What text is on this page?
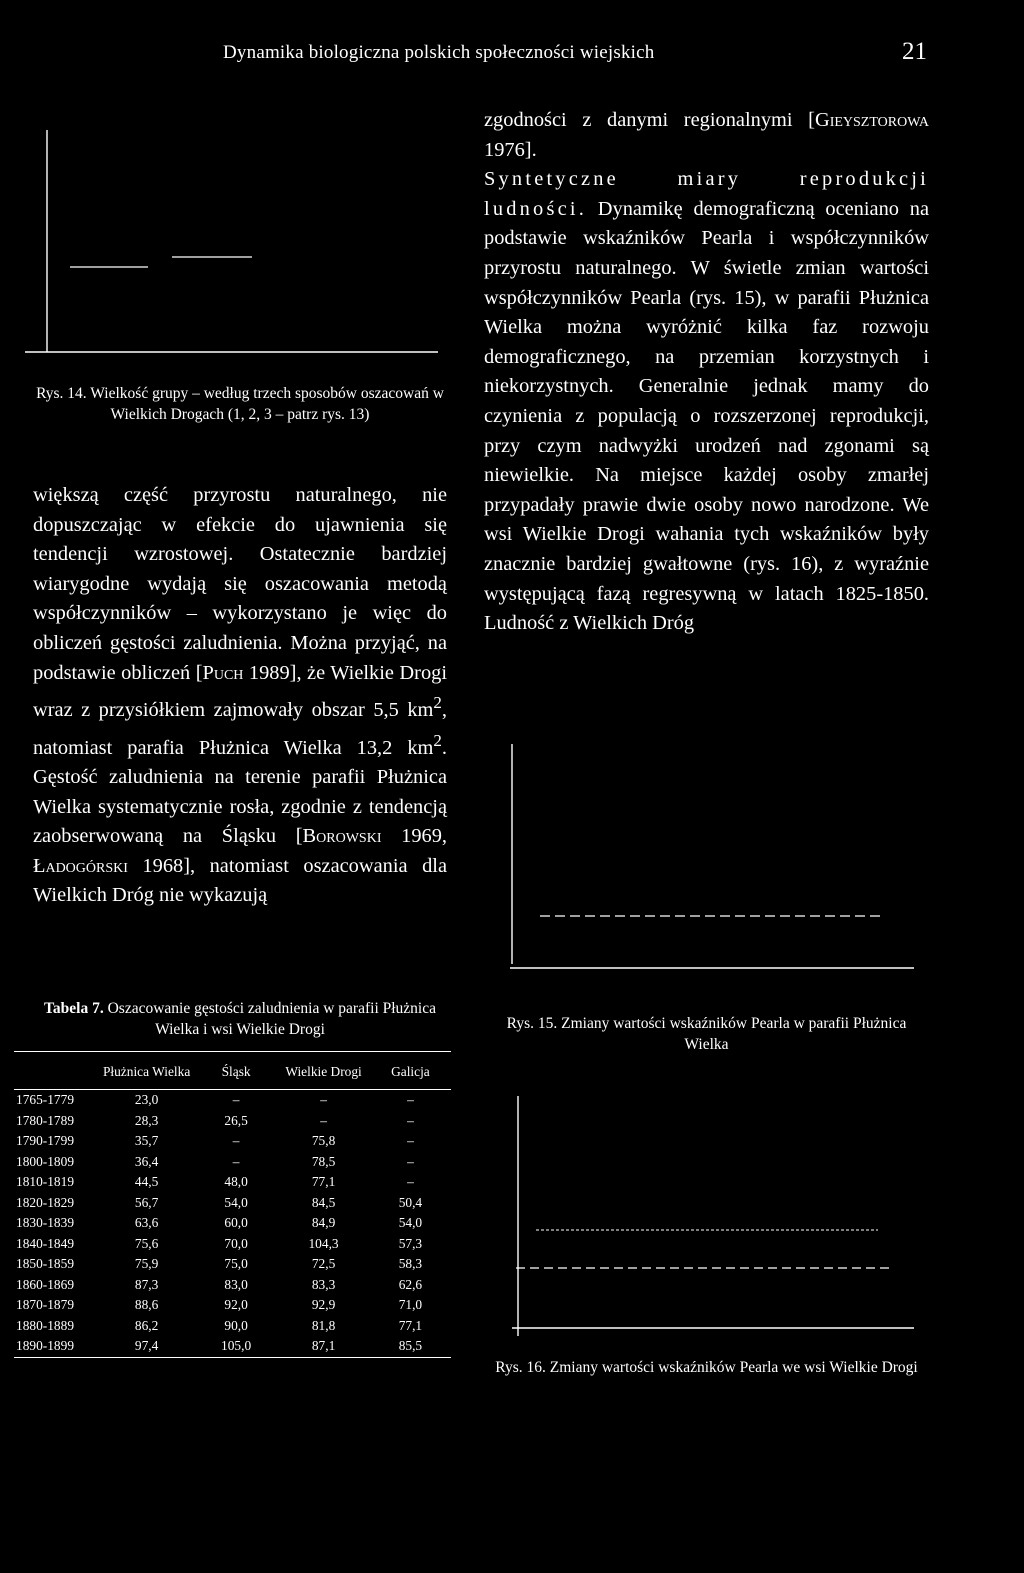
Dynamika biologiczna polskich społeczności wiejskich	21
Rys. 14. Wielkość grupy – według trzech sposobów oszacowań w Wielkich Drogach (1, 2, 3 – patrz rys. 13)

większą część przyrostu naturalnego, nie dopuszczając w efekcie do ujawnienia się tendencji wzrostowej. Ostatecznie bardziej wiarygodne wydają się oszacowania metodą współczynników – wykorzystano je więc do obliczeń gęstości zaludnienia. Można przyjąć, na podstawie obliczeń [Puch 1989], że Wielkie Drogi wraz z przysiółkiem zajmowały obszar 5,5 $km^2$, natomiast parafia Płużnica Wielka 13,2 $km^2$. Gęstość zaludnienia na terenie parafii Płużnica Wielka systematycznie rosła, zgodnie z tendencją zaobserwowaną na Śląsku [Borowski 1969, Ładogórski 1968], natomiast oszacowania dla Wielkich Dróg nie wykazują

zgodności z danymi regionalnymi [Gieysztorowa 1976].

Syntetyczne miary reprodukcji ludności. Dynamikę demograficzną oceniano na podstawie wskaźników Pearla i współczynników przyrostu naturalnego. W świetle zmian wartości współczynników Pearla (rys. 15), w parafii Płużnica Wielka można wyróżnić kilka faz rozwoju demograficznego, na przemian korzystnych i niekorzystnych. Generalnie jednak mamy do czynienia z populacją o rozszerzonej reprodukcji, przy czym nadwyżki urodzeń nad zgonami są niewielkie. Na miejsce każdej osoby zmarłej przypadały prawie dwie osoby nowo narodzone. We wsi Wielkie Drogi wahania tych wskaźników były znacznie bardziej gwałtowne (rys. 16), z wyraźnie występującą fazą regresywną w latach 1825-1850. Ludność z Wielkich Dróg

Rys. 15. Zmiany wartości wskaźników Pearla w parafii Płużnica Wielka
Rys. 16. Zmiany wartości wskaźników Pearla we wsi Wielkie Drogi
Tabela 7. Oszacowanie gęstości zaludnienia w parafii Płużnica Wielka i wsi Wielkie Drogi
	Płużnica Wielka	Śląsk	Wielkie Drogi	Galicja
1765-1779	23,0	–	–	–
1780-1789	28,3	26,5	–	–
1790-1799	35,7	–	75,8	–
1800-1809	36,4	–	78,5	–
1810-1819	44,5	48,0	77,1	–
1820-1829	56,7	54,0	84,5	50,4
1830-1839	63,6	60,0	84,9	54,0
1840-1849	75,6	70,0	104,3	57,3
1850-1859	75,9	75,0	72,5	58,3
1860-1869	87,3	83,0	83,3	62,6
1870-1879	88,6	92,0	92,9	71,0
1880-1889	86,2	90,0	81,8	77,1
1890-1899	97,4	105,0	87,1	85,5
